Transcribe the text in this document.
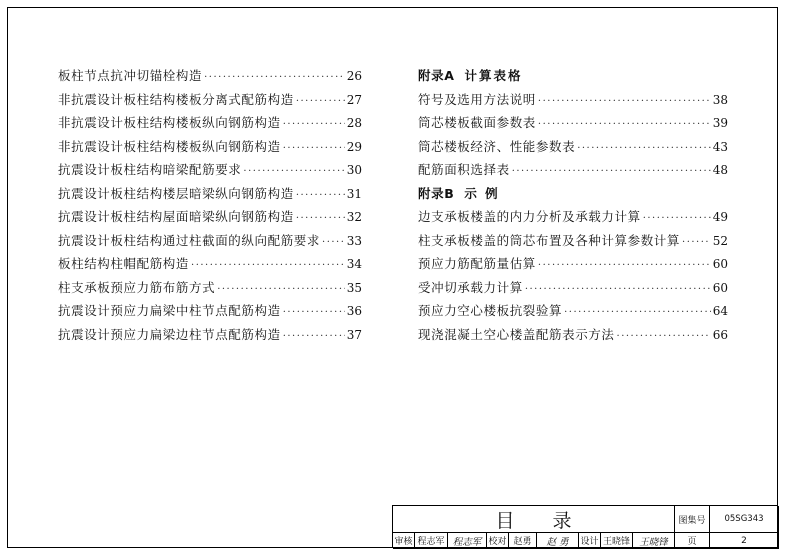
板柱节点抗冲切锚栓构造 ·····	26
非抗震设计板柱结构楼板分离式配筋构造 ·····	27
非抗震设计板柱结构楼板纵向钢筋构造 ·····	28
非抗震设计板柱结构楼板纵向钢筋构造 ·····	29
抗震设计板柱结构暗梁配筋要求 ·····	30
抗震设计板柱结构楼层暗梁纵向钢筋构造 ·····	31
抗震设计板柱结构屋面暗梁纵向钢筋构造 ·····	32
抗震设计板柱结构通过柱截面的纵向配筋要求 ····· 33
板柱结构柱帽配筋构造 ·····	34
柱支承板预应力筋布筋方式 ·····	35
抗震设计预应力扁梁中柱节点配筋构造 ·····	36
抗震设计预应力扁梁边柱节点配筋构造 ·····	37
附录A 计算表格
符号及选用方法说明 ·····	38
筒芯楼板截面参数表 ·····	39
筒芯楼板经济、性能参数表 ·····	43
配筋面积选择表 ·····	48
附录B 示 例
边支承板楼盖的内力分析及承载力计算 ·····	49
柱支承板楼盖的筒芯布置及各种计算参数计算 ·····	52
预应力筋配筋量估算 ·····	60
受冲切承载力计算 ·····	60
预应力空心楼板抗裂验算 ·····	64
现浇混凝土空心楼盖配筋表示方法 ·····	66
目录	图集号	05SG343
审核 程志军 程志军 校对 赵勇	赵 勇	设计 王晓锋 王晓锋	页	2
